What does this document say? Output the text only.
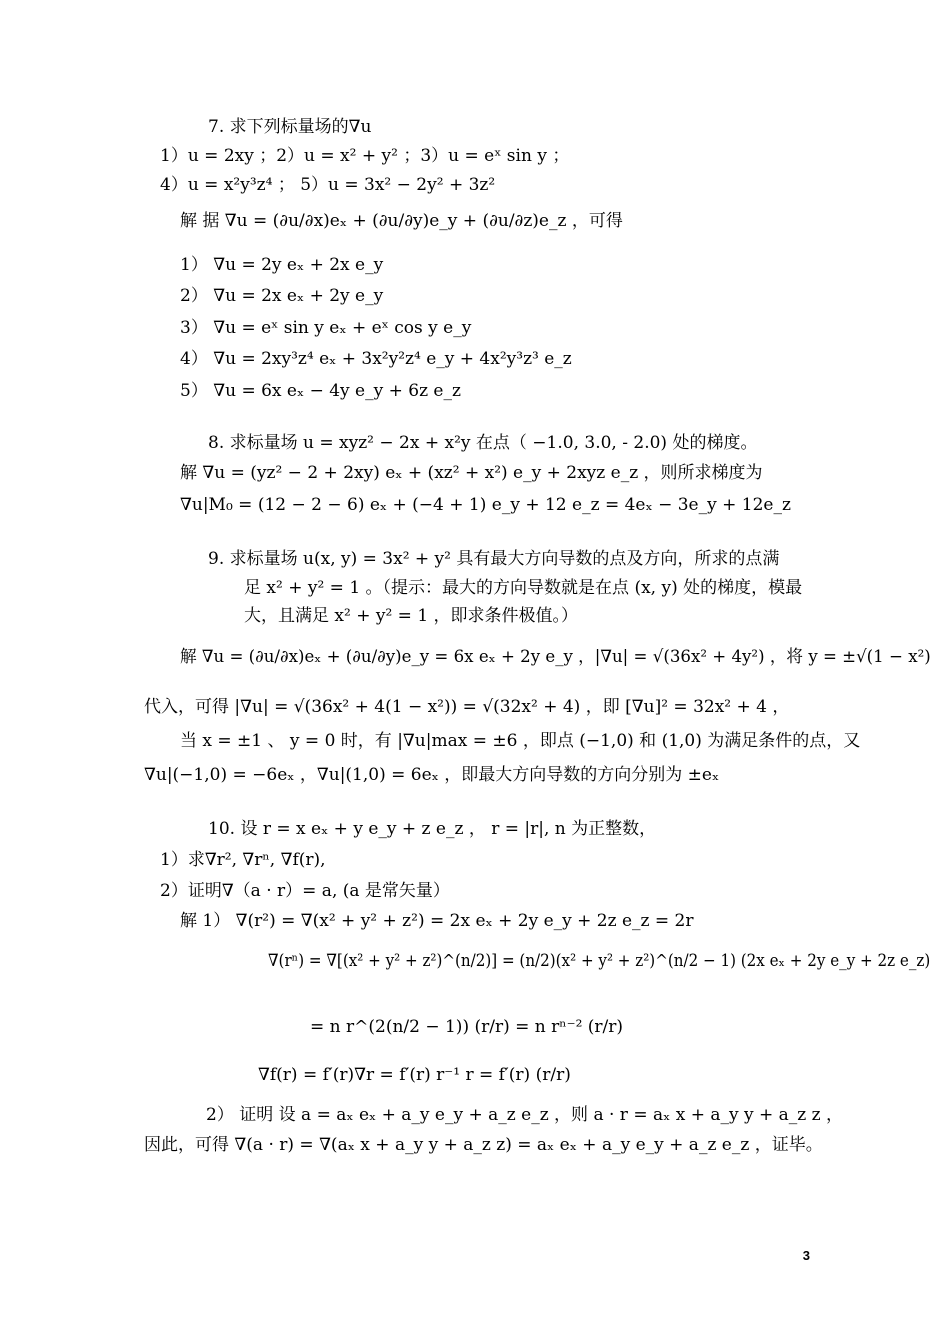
7. 求下列标量场的∇u
1）u = 2xy ；2）u = x² + y² ；3）u = eˣ sin y ；
4）u = x²y³z⁴ ； 5）u = 3x² − 2y² + 3z²
解 据 ∇u = (∂u/∂x)eₓ + (∂u/∂y)e_y + (∂u/∂z)e_z ，可得
1） ∇u = 2y eₓ + 2x e_y
2） ∇u = 2x eₓ + 2y e_y
3） ∇u = eˣ sin y eₓ + eˣ cos y e_y
4） ∇u = 2xy³z⁴ eₓ + 3x²y²z⁴ e_y + 4x²y³z³ e_z
5） ∇u = 6x eₓ − 4y e_y + 6z e_z
8. 求标量场 u = xyz² − 2x + x²y 在点（ −1.0, 3.0, - 2.0) 处的梯度。
解 ∇u = (yz² − 2 + 2xy) eₓ + (xz² + x²) e_y + 2xyz e_z ，则所求梯度为
∇u|M₀ = (12 − 2 − 6) eₓ + (−4 + 1) e_y + 12 e_z = 4eₓ − 3e_y + 12e_z
9. 求标量场 u(x, y) = 3x² + y² 具有最大方向导数的点及方向，所求的点满
足 x² + y² = 1 。（提示：最大的方向导数就是在点 (x, y) 处的梯度，模最
大，且满足 x² + y² = 1 ，即求条件极值。）
解 ∇u = (∂u/∂x)eₓ + (∂u/∂y)e_y = 6x eₓ + 2y e_y ，|∇u| = √(36x² + 4y²) ，将 y = ±√(1 − x²)
代入，可得 |∇u| = √(36x² + 4(1 − x²)) = √(32x² + 4) ，即 [∇u]² = 32x² + 4 ，
当 x = ±1 、 y = 0 时，有 |∇u|max = ±6 ，即点 (−1,0) 和 (1,0) 为满足条件的点，又
∇u|(−1,0) = −6eₓ ，∇u|(1,0) = 6eₓ ，即最大方向导数的方向分别为 ±eₓ
10. 设 r = x eₓ + y e_y + z e_z ， r = |r|, n 为正整数，
1）求∇r², ∇rⁿ, ∇f(r),
2）证明∇（a · r）= a, (a 是常矢量）
解 1） ∇(r²) = ∇(x² + y² + z²) = 2x eₓ + 2y e_y + 2z e_z = 2r
∇(rⁿ) = ∇[(x² + y² + z²)^(n/2)] = (n/2)(x² + y² + z²)^(n/2 − 1) (2x eₓ + 2y e_y + 2z e_z)
= n r^(2(n/2 − 1)) (r/r) = n rⁿ⁻² (r/r)
∇f(r) = f′(r)∇r = f′(r) r⁻¹ r = f′(r) (r/r)
2） 证明 设 a = aₓ eₓ + a_y e_y + a_z e_z ，则 a · r = aₓ x + a_y y + a_z z ，
因此，可得 ∇(a · r) = ∇(aₓ x + a_y y + a_z z) = aₓ eₓ + a_y e_y + a_z e_z ，证毕。
3
